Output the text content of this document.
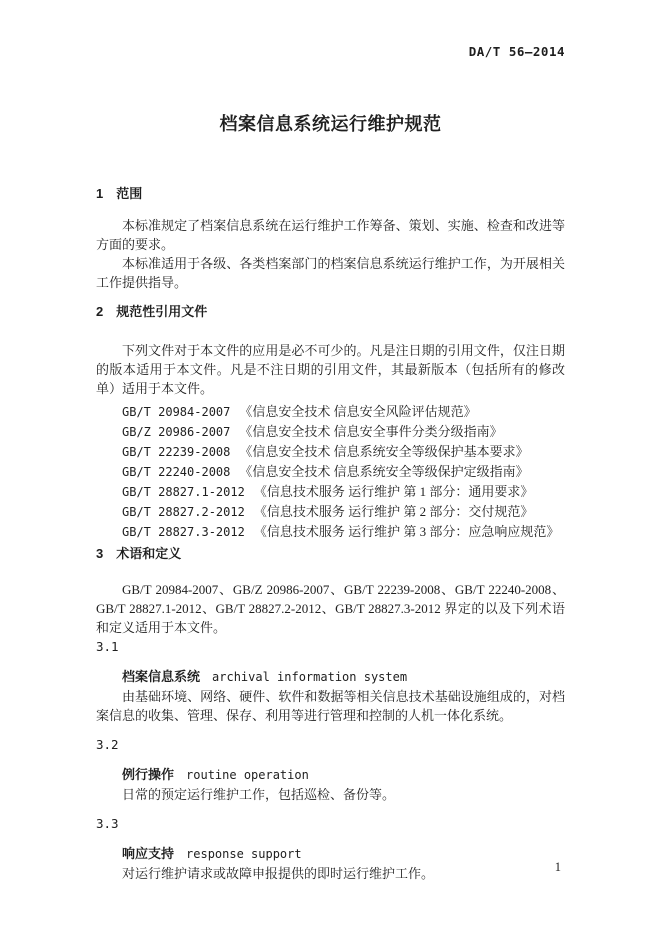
DA/T 56—2014
档案信息系统运行维护规范
1 范围

本标准规定了档案信息系统在运行维护工作筹备、策划、实施、检查和改进等方面的要求。

本标准适用于各级、各类档案部门的档案信息系统运行维护工作，为开展相关工作提供指导。

2 规范性引用文件

下列文件对于本文件的应用是必不可少的。凡是注日期的引用文件，仅注日期的版本适用于本文件。凡是不注日期的引用文件，其最新版本（包括所有的修改单）适用于本文件。

GB/T 20984-2007 《信息安全技术 信息安全风险评估规范》
GB/Z 20986-2007 《信息安全技术 信息安全事件分类分级指南》
GB/T 22239-2008 《信息安全技术 信息系统安全等级保护基本要求》
GB/T 22240-2008 《信息安全技术 信息系统安全等级保护定级指南》
GB/T 28827.1-2012 《信息技术服务 运行维护 第 1 部分：通用要求》
GB/T 28827.2-2012 《信息技术服务 运行维护 第 2 部分：交付规范》
GB/T 28827.3-2012 《信息技术服务 运行维护 第 3 部分：应急响应规范》
3 术语和定义

GB/T 20984-2007、GB/Z 20986-2007、GB/T 22239-2008、GB/T 22240-2008、GB/T 28827.1-2012、GB/T 28827.2-2012、GB/T 28827.3-2012 界定的以及下列术语和定义适用于本文件。

3.1
档案信息系统 archival information system

由基础环境、网络、硬件、软件和数据等相关信息技术基础设施组成的，对档案信息的收集、管理、保存、利用等进行管理和控制的人机一体化系统。

3.2
例行操作 routine operation

日常的预定运行维护工作，包括巡检、备份等。

3.3
响应支持 response support

对运行维护请求或故障申报提供的即时运行维护工作。	1
